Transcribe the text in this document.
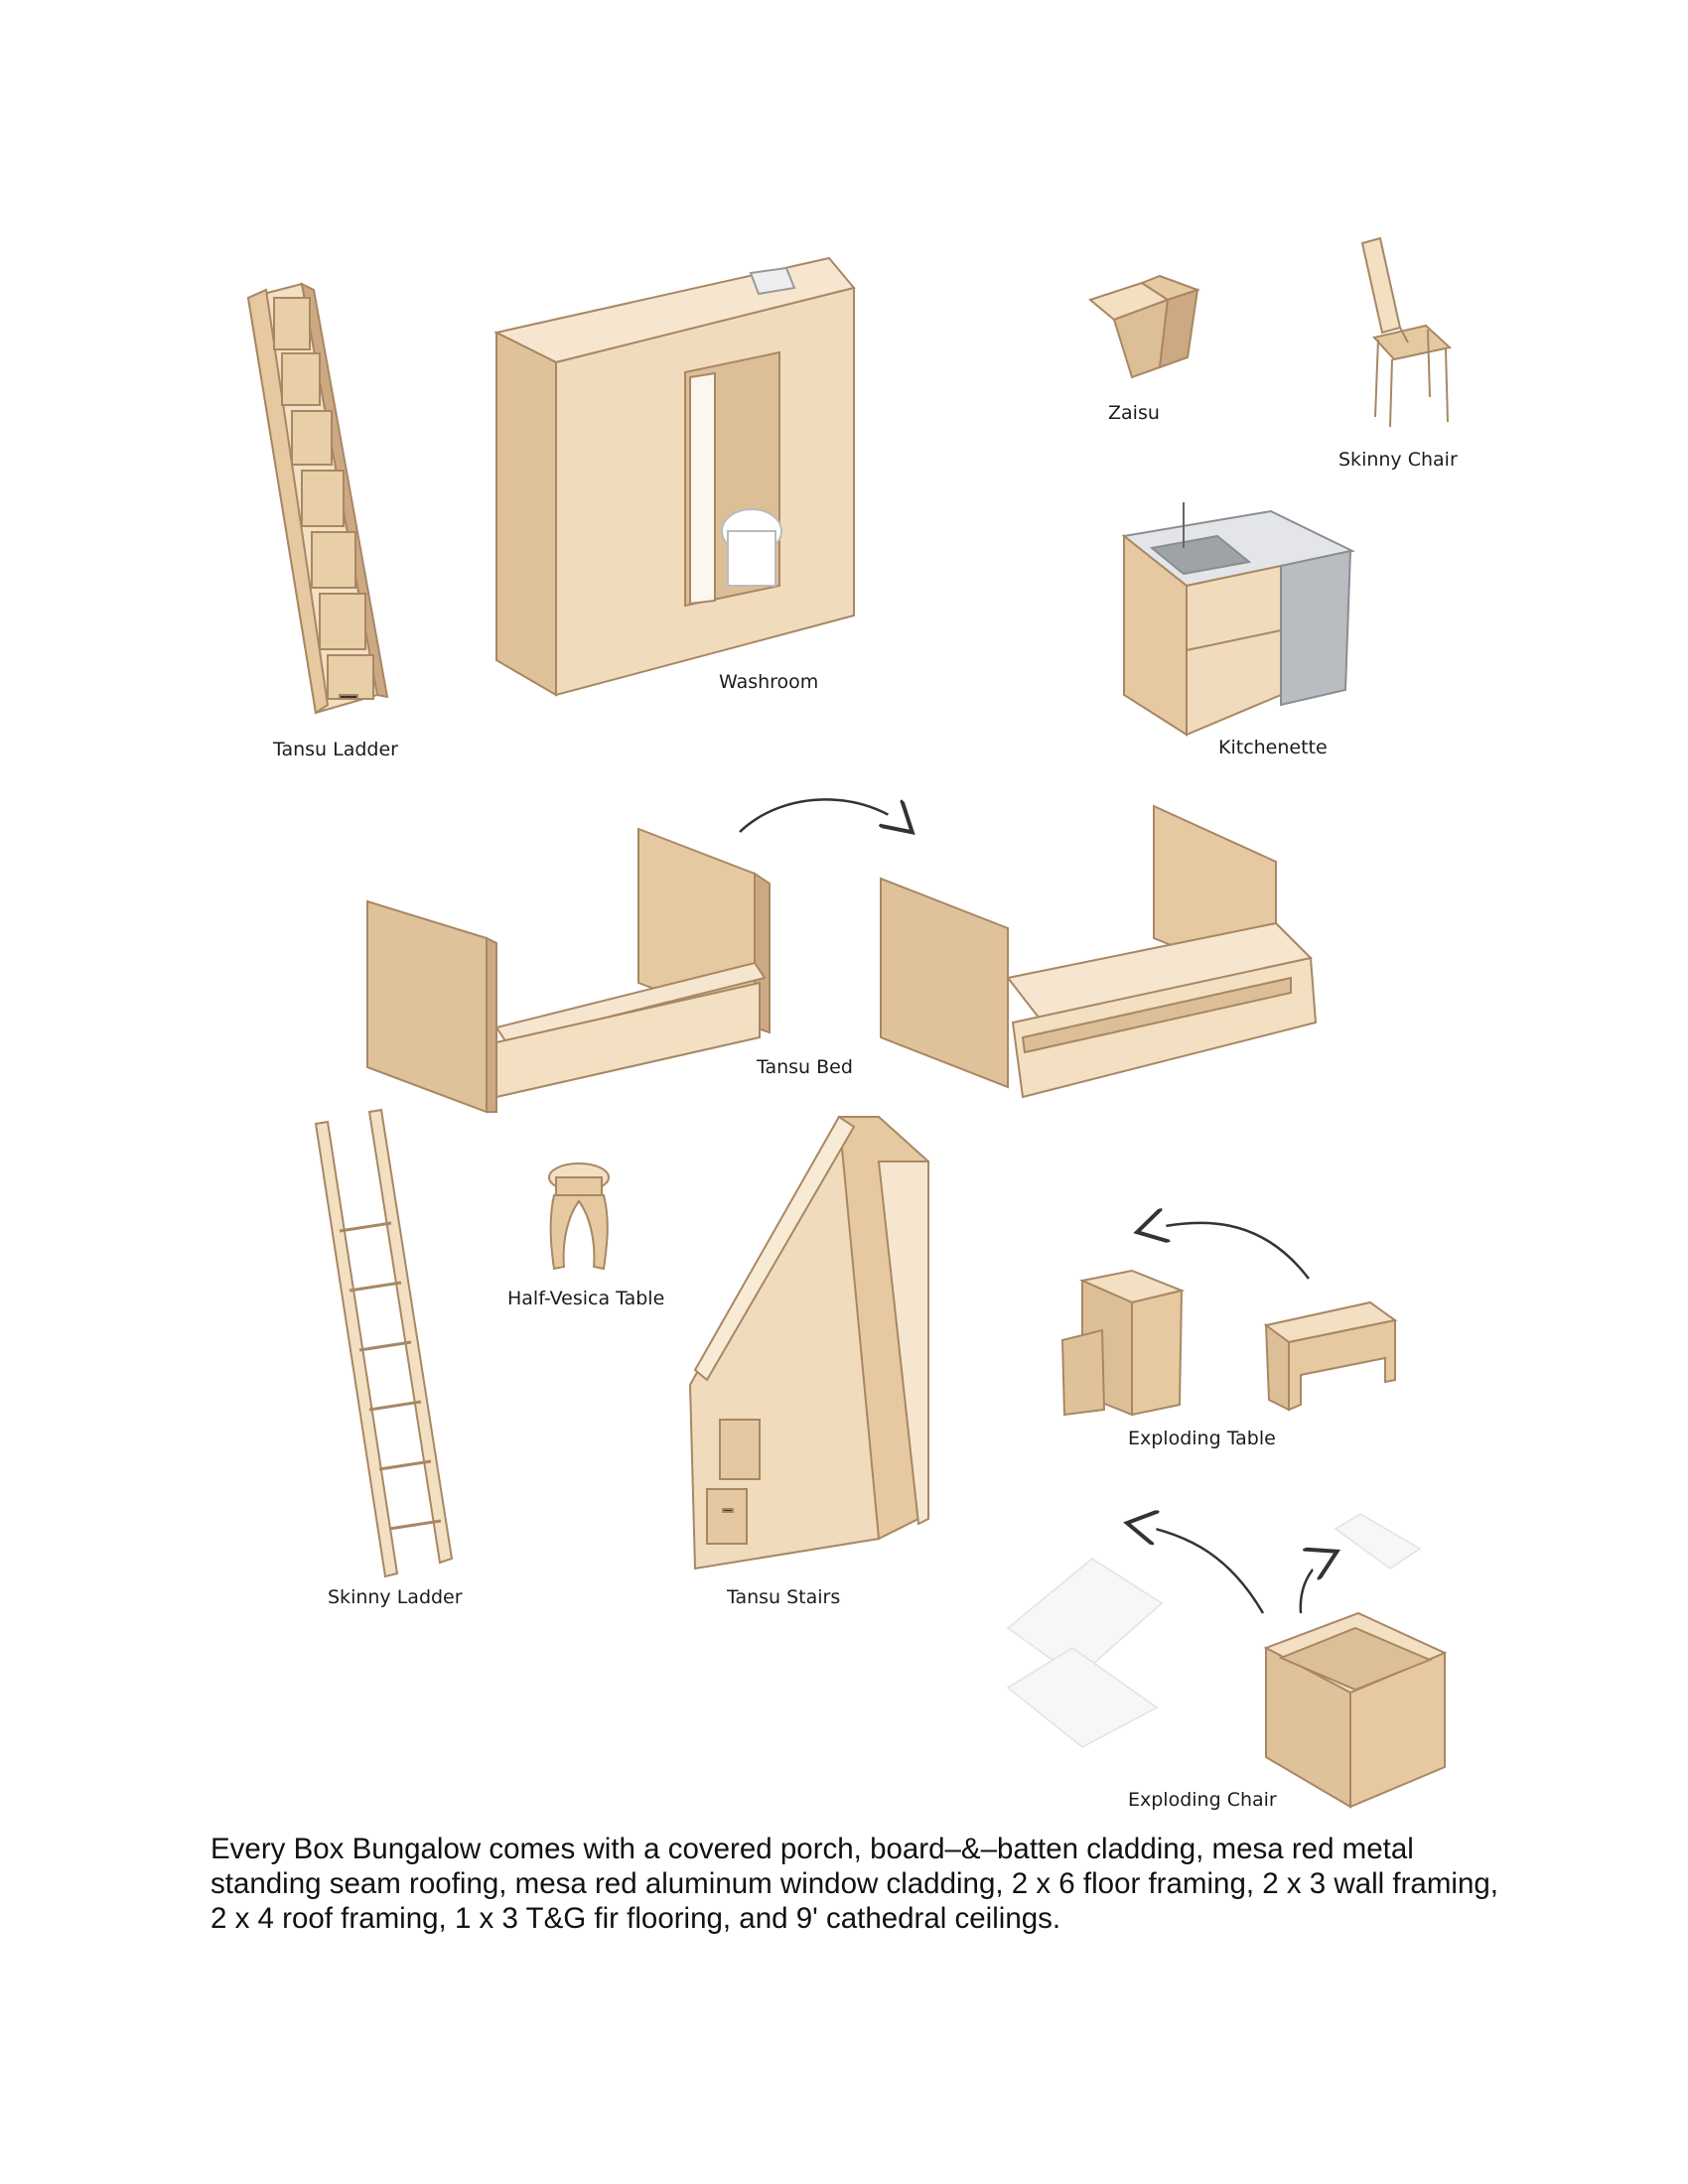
Tansu Ladder
Washroom
Zaisu
Skinny Chair
Kitchenette
Tansu Bed
Half-Vesica Table
Skinny Ladder	Tansu Stairs
Exploding Table
Exploding Chair

Every Box Bungalow comes with a covered porch, board–&–batten cladding, mesa red metal standing seam roofing, mesa red aluminum window cladding, 2 x 6 floor framing, 2 x 3 wall framing, 2 x 4 roof framing, 1 x 3 T&G fir flooring, and 9' cathedral ceilings.
